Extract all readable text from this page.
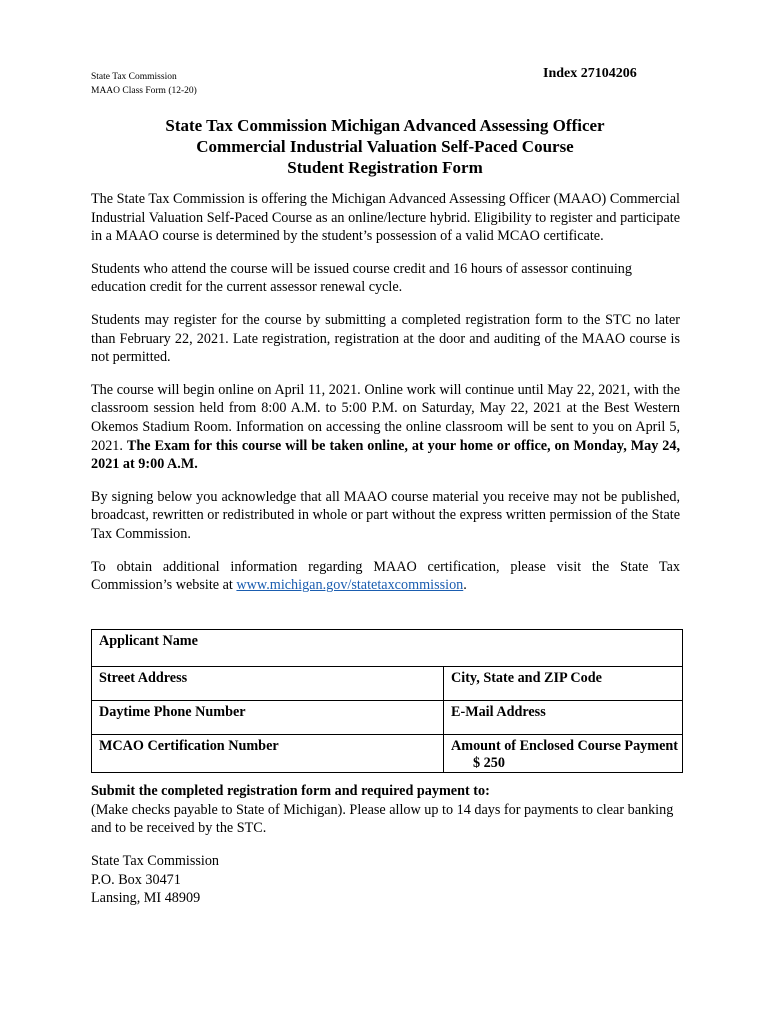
State Tax Commission
MAAO Class Form (12-20)
Index 27104206
State Tax Commission Michigan Advanced Assessing Officer
Commercial Industrial Valuation Self-Paced Course
Student Registration Form

The State Tax Commission is offering the Michigan Advanced Assessing Officer (MAAO) Commercial Industrial Valuation Self-Paced Course as an online/lecture hybrid. Eligibility to register and participate in a MAAO course is determined by the student’s possession of a valid MCAO certificate.

Students who attend the course will be issued course credit and 16 hours of assessor continuing education credit for the current assessor renewal cycle.

Students may register for the course by submitting a completed registration form to the STC no later than February 22, 2021. Late registration, registration at the door and auditing of the MAAO course is not permitted.

The course will begin online on April 11, 2021. Online work will continue until May 22, 2021, with the classroom session held from 8:00 A.M. to 5:00 P.M. on Saturday, May 22, 2021 at the Best Western Okemos Stadium Room. Information on accessing the online classroom will be sent to you on April 5, 2021. The Exam for this course will be taken online, at your home or office, on Monday, May 24, 2021 at 9:00 A.M.

By signing below you acknowledge that all MAAO course material you receive may not be published, broadcast, rewritten or redistributed in whole or part without the express written permission of the State Tax Commission.

To obtain additional information regarding MAAO certification, please visit the State Tax Commission’s website at www.michigan.gov/statetaxcommission.

Applicant Name	
Street Address	City, State and ZIP Code
Daytime Phone Number	E-Mail Address
MCAO Certification Number	Amount of Enclosed Course Payment
$ 250
Submit the completed registration form and required payment to:
(Make checks payable to State of Michigan). Please allow up to 14 days for payments to clear banking and to be received by the STC.
State Tax Commission
P.O. Box 30471
Lansing, MI 48909
